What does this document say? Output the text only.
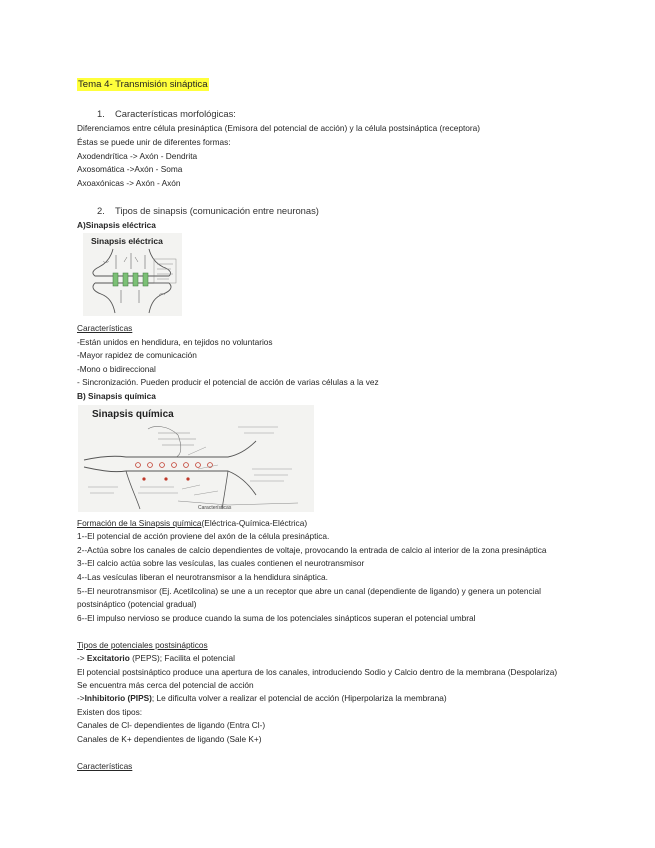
Tema 4- Transmisión sináptica
1. Características morfológicas:
Diferenciamos entre célula presináptica (Emisora del potencial de acción) y la célula postsináptica (receptora)
Éstas se puede unir de diferentes formas:
Axodendrítica -> Axón - Dendrita
Axosomática ->Axón - Soma
Axoaxónicas -> Axón - Axón
2. Tipos de sinapsis (comunicación entre neuronas)
A)Sinapsis eléctrica
Sinapsis eléctrica
Características
-Están unidos en hendidura, en tejidos no voluntarios
-Mayor rapidez de comunicación
-Mono o bidireccional
- Sincronización. Pueden producir el potencial de acción de varias células a la vez
B) Sinapsis química
Sinapsis química
Características
Formación de la Sinapsis química(Eléctrica-Química-Eléctrica)
1--El potencial de acción proviene del axón de la célula presináptica.
2--Actúa sobre los canales de calcio dependientes de voltaje, provocando la entrada de calcio al interior de la zona presináptica
3--El calcio actúa sobre las vesículas, las cuales contienen el neurotransmisor
4--Las vesículas liberan el neurotransmisor a la hendidura sináptica.
5--El neurotransmisor (Ej. Acetilcolina) se une a un receptor que abre un canal (dependiente de ligando) y genera un potencial
postsináptico (potencial gradual)
6--El impulso nervioso se produce cuando la suma de los potenciales sinápticos superan el potencial umbral
Tipos de potenciales postsinápticos
-> Excitatorio (PEPS); Facilita el potencial
El potencial postsináptico produce una apertura de los canales, introduciendo Sodio y Calcio dentro de la membrana (Despolariza)
Se encuentra más cerca del potencial de acción
->Inhibitorio (PIPS); Le dificulta volver a realizar el potencial de acción (Hiperpolariza la membrana)
Existen dos tipos:
Canales de Cl- dependientes de ligando (Entra Cl-)
Canales de K+ dependientes de ligando (Sale K+)
Características
